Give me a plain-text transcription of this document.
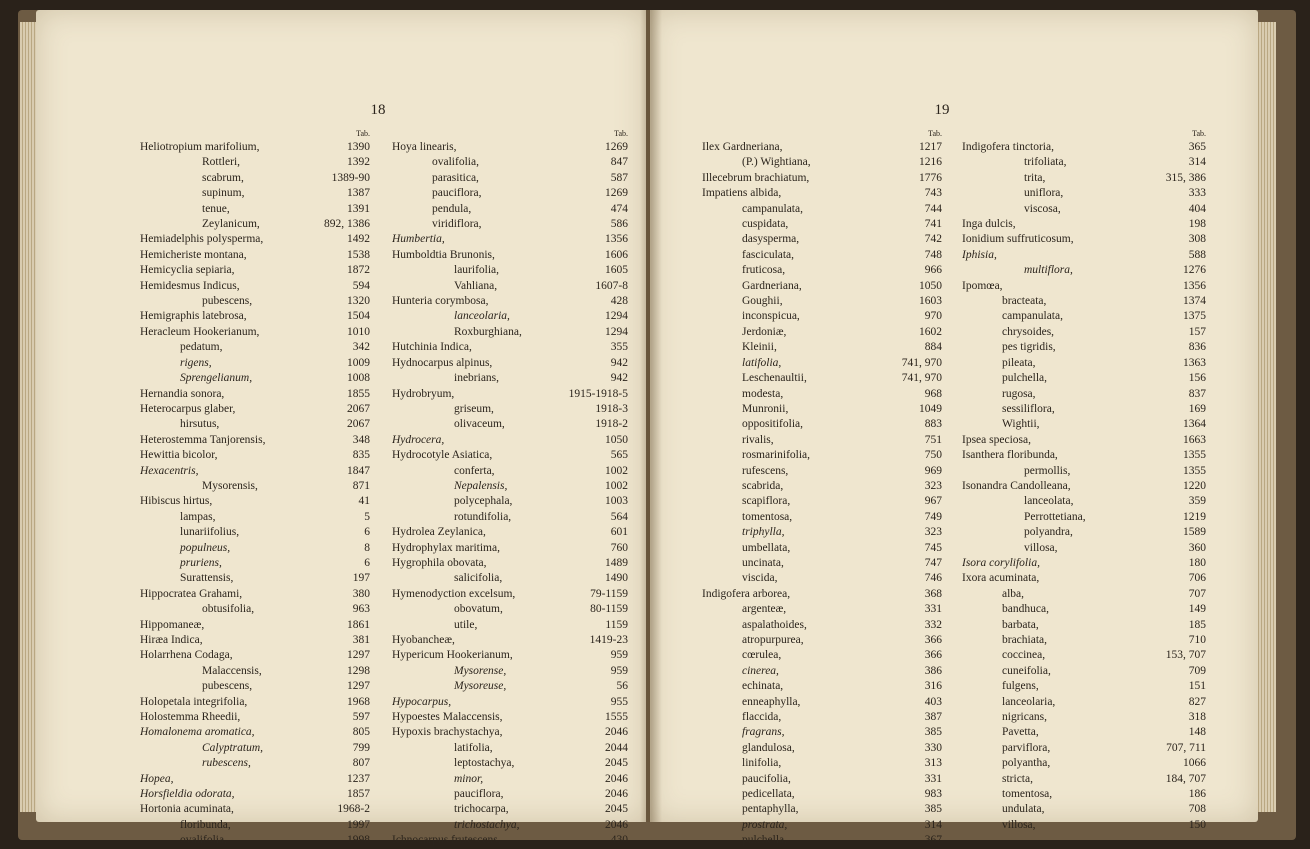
18
Tab.
Heliotropium marifolium,	1390
Rottleri,	1392
scabrum,	1389-90
supinum,	1387
tenue,	1391
Zeylanicum,	892, 1386
Hemiadelphis polysperma,	1492
Hemicheriste montana,	1538
Hemicyclia sepiaria,	1872
Hemidesmus Indicus,	594
pubescens,	1320
Hemigraphis latebrosa,	1504
Heracleum Hookerianum,	1010
pedatum,	342
rigens,	1009
Sprengelianum,	1008
Hernandia sonora,	1855
Heterocarpus glaber,	2067
hirsutus,	2067
Heterostemma Tanjorensis,	348
Hewittia bicolor,	835
Hexacentris,	1847
Mysorensis,	871
Hibiscus hirtus,	41
lampas,	5
lunariifolius,	6
populneus,	8
pruriens,	6
Surattensis,	197
Hippocratea Grahami,	380
obtusifolia,	963
Hippomaneæ,	1861
Hiræa Indica,	381
Holarrhena Codaga,	1297
Malaccensis,	1298
pubescens,	1297
Holopetala integrifolia,	1968
Holostemma Rheedii,	597
Homalonema aromatica,	805
Calyptratum,	799
rubescens,	807
Hopea,	1237
Horsfieldia odorata,	1857
Hortonia acuminata,	1968-2
floribunda,	1997
ovalifolia,	1998
Tab.
Hoya linearis,	1269
ovalifolia,	847
parasitica,	587
pauciflora,	1269
pendula,	474
viridiflora,	586
Humbertia,	1356
Humboldtia Brunonis,	1606
laurifolia,	1605
Vahliana,	1607-8
Hunteria corymbosa,	428
lanceolaria,	1294
Roxburghiana,	1294
Hutchinia Indica,	355
Hydnocarpus alpinus,	942
inebrians,	942
Hydrobryum,	1915-1918-5
griseum,	1918-3
olivaceum,	1918-2
Hydrocera,	1050
Hydrocotyle Asiatica,	565
conferta,	1002
Nepalensis,	1002
polycephala,	1003
rotundifolia,	564
Hydrolea Zeylanica,	601
Hydrophylax maritima,	760
Hygrophila obovata,	1489
salicifolia,	1490
Hymenodyction excelsum,	79-1159
obovatum,	80-1159
utile,	1159
Hyobancheæ,	1419-23
Hypericum Hookerianum,	959
Mysorense,	959
Mysoreuse,	56
Hypocarpus,	955
Hypoestes Malaccensis,	1555
Hypoxis brachystachya,	2046
latifolia,	2044
leptostachya,	2045
minor,	2046
pauciflora,	2046
trichocarpa,	2045
trichostachya,	2046
Ichnocarpus frutescens,	430
19
Tab.
Ilex Gardneriana,	1217
(P.) Wightiana,	1216
Illecebrum brachiatum,	1776
Impatiens albida,	743
campanulata,	744
cuspidata,	741
dasysperma,	742
fasciculata,	748
fruticosa,	966
Gardneriana,	1050
Goughii,	1603
inconspicua,	970
Jerdoniæ,	1602
Kleinii,	884
latifolia,	741, 970
Leschenaultii,	741, 970
modesta,	968
Munronii,	1049
oppositifolia,	883
rivalis,	751
rosmarinifolia,	750
rufescens,	969
scabrida,	323
scapiflora,	967
tomentosa,	749
triphylla,	323
umbellata,	745
uncinata,	747
viscida,	746
Indigofera arborea,	368
argenteæ,	331
aspalathoides,	332
atropurpurea,	366
cœrulea,	366
cinerea,	386
echinata,	316
enneaphylla,	403
flaccida,	387
fragrans,	385
glandulosa,	330
linifolia,	313
paucifolia,	331
pedicellata,	983
pentaphylla,	385
prostrata,	314
pulchella,	367
Tab.
Indigofera tinctoria,	365
trifoliata,	314
trita,	315, 386
uniflora,	333
viscosa,	404
Inga dulcis,	198
Ionidium suffruticosum,	308
Iphisia,	588
multiflora,	1276
Ipomœa,	1356
bracteata,	1374
campanulata,	1375
chrysoides,	157
pes tigridis,	836
pileata,	1363
pulchella,	156
rugosa,	837
sessiliflora,	169
Wightii,	1364
Ipsea speciosa,	1663
Isanthera floribunda,	1355
permollis,	1355
Isonandra Candolleana,	1220
lanceolata,	359
Perrottetiana,	1219
polyandra,	1589
villosa,	360
Isora corylifolia,	180
Ixora acuminata,	706
alba,	707
bandhuca,	149
barbata,	185
brachiata,	710
coccinea,	153, 707
cuneifolia,	709
fulgens,	151
lanceolaria,	827
nigricans,	318
Pavetta,	148
parviflora,	707, 711
polyantha,	1066
stricta,	184, 707
tomentosa,	186
undulata,	708
villosa,	150
